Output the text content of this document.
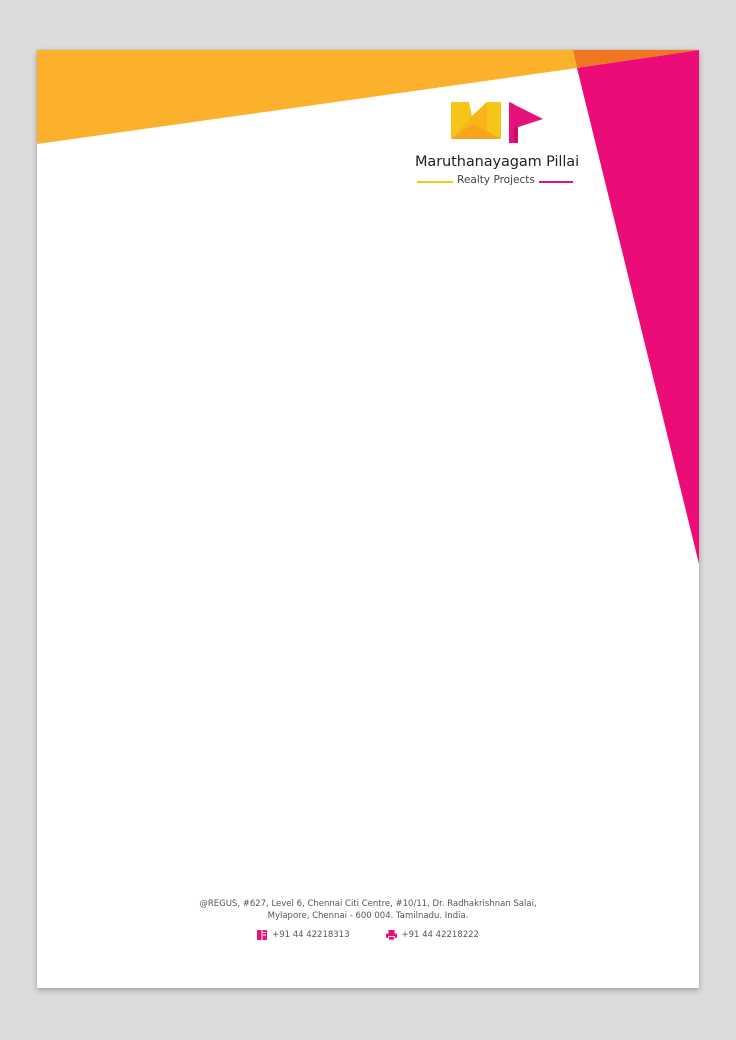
Maruthanayagam Pillai
Realty Projects
@REGUS, #627, Level 6, Chennai Citi Centre, #10/11, Dr. Radhakrishnan Salai,
Mylapore, Chennai - 600 004. Tamilnadu. India.
+91 44 42218313	+91 44 42218222
